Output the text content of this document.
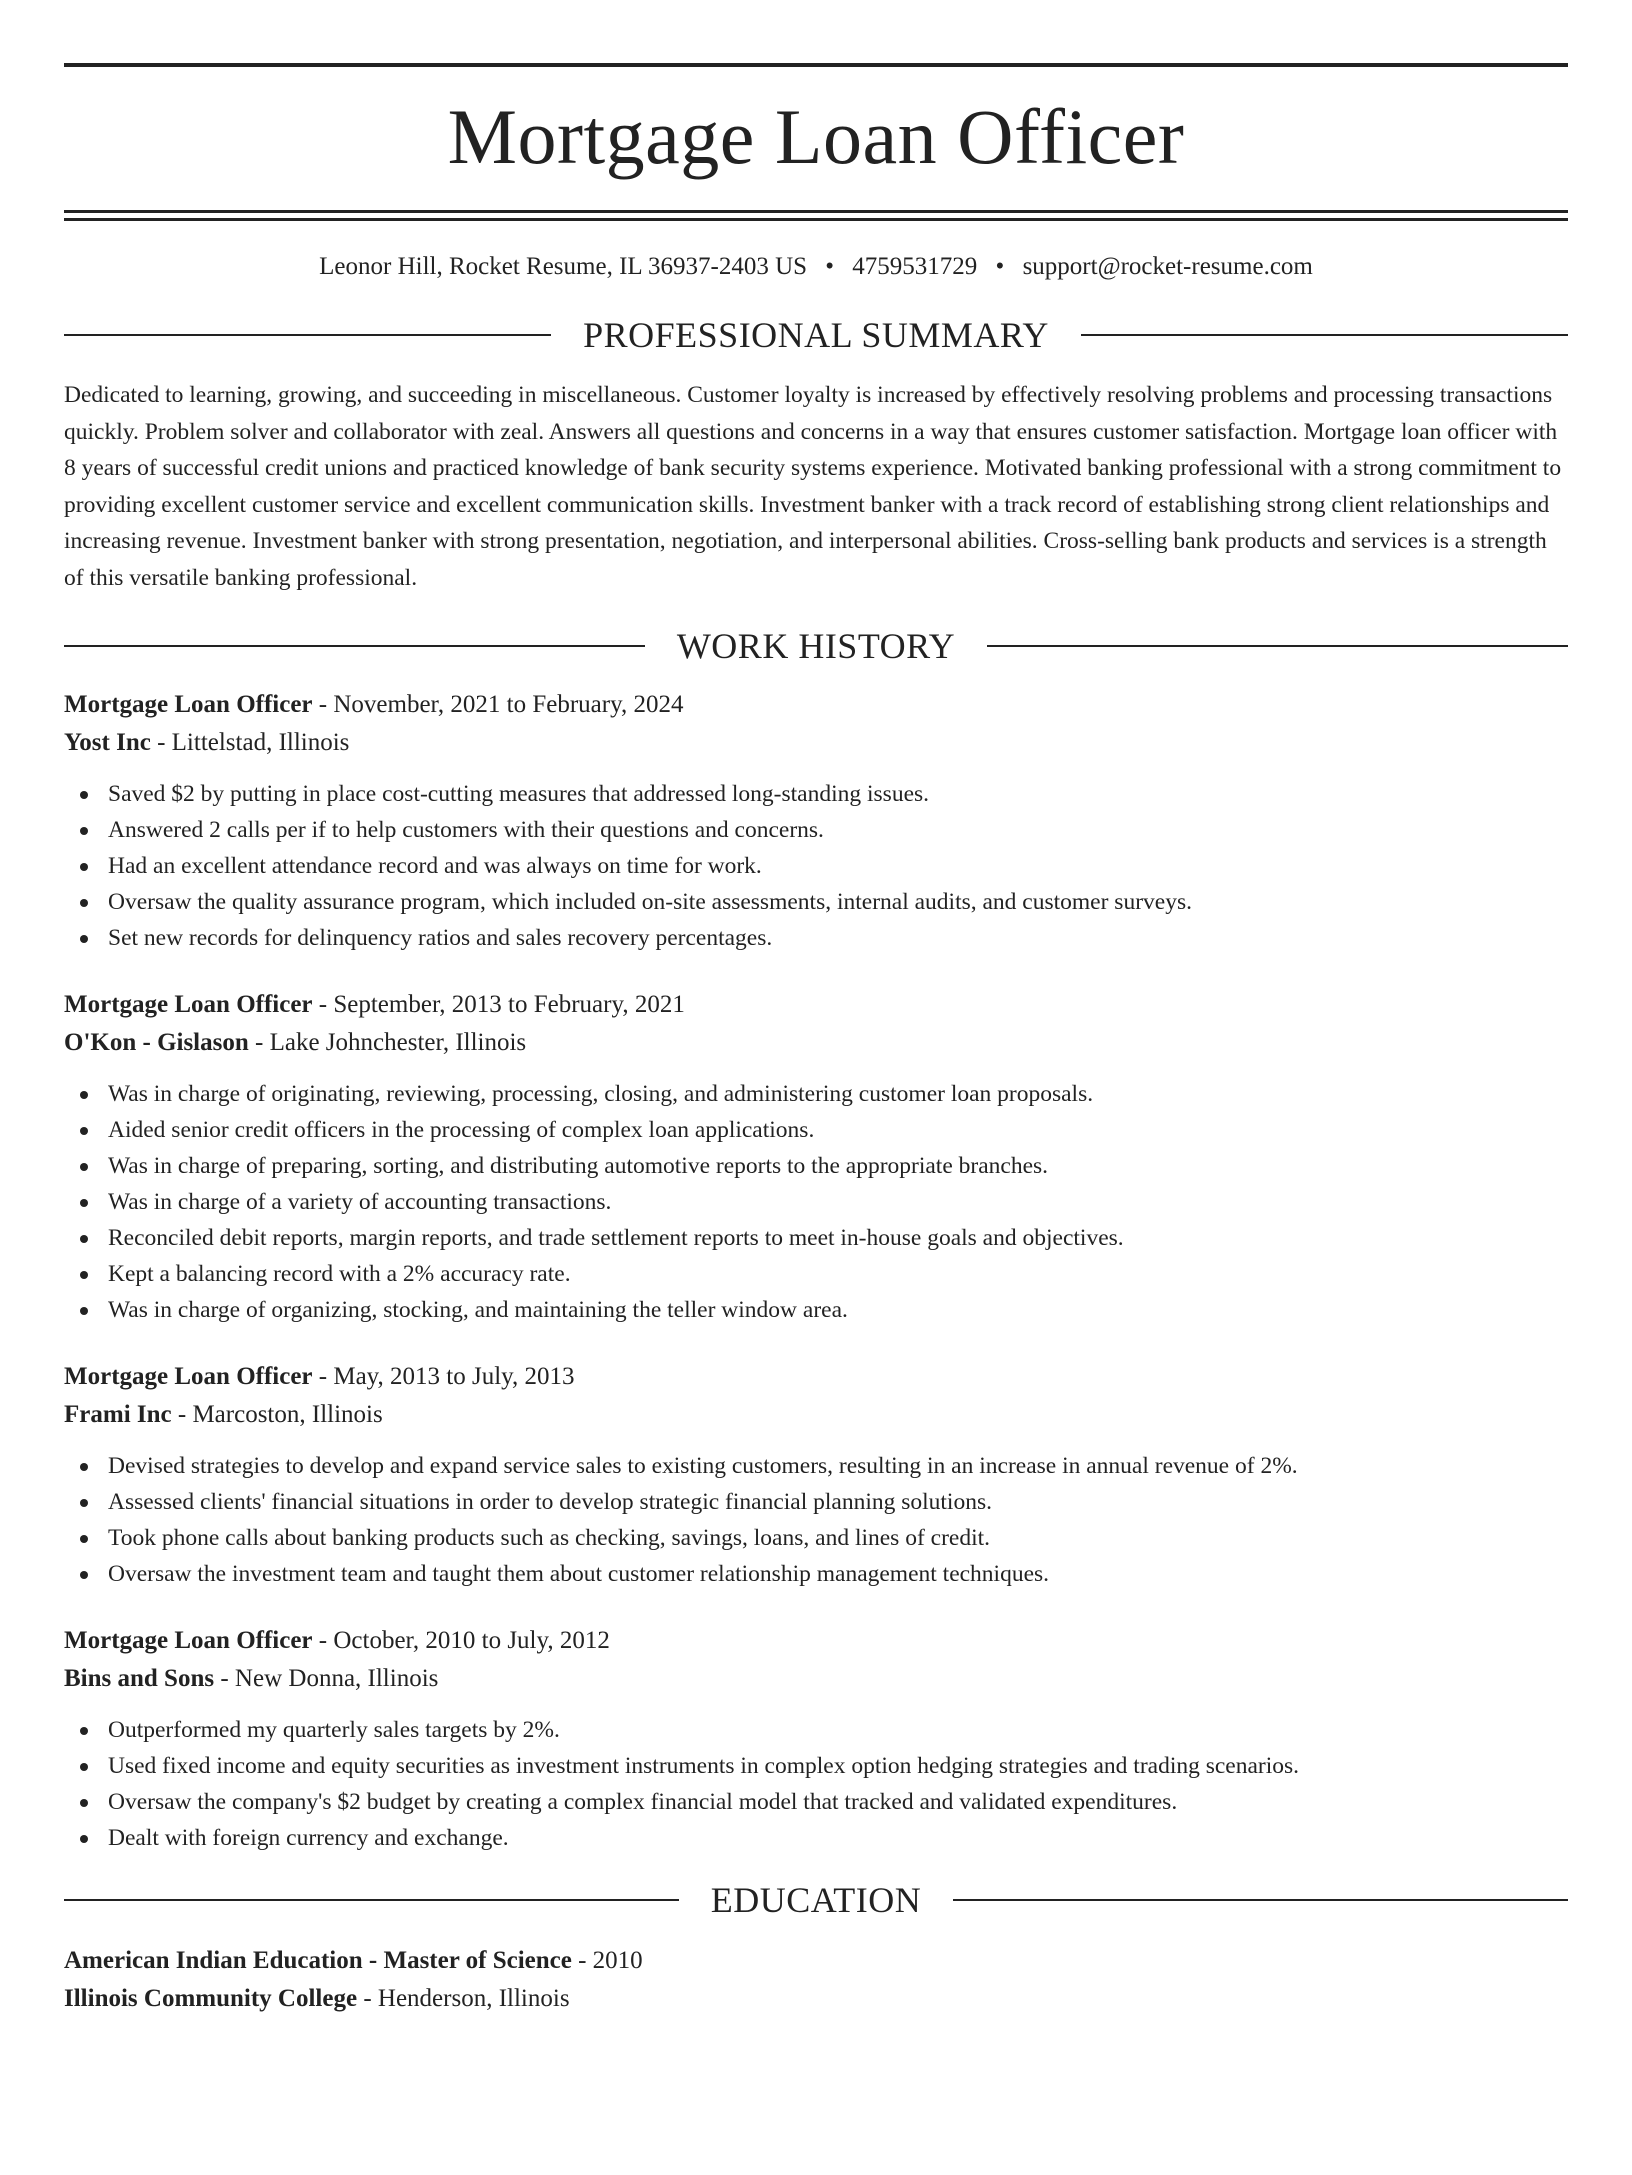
Mortgage Loan Officer
Leonor Hill, Rocket Resume, IL 36937-2403 US • 4759531729 • support@rocket-resume.com
PROFESSIONAL SUMMARY
Dedicated to learning, growing, and succeeding in miscellaneous. Customer loyalty is increased by effectively resolving problems and processing transactions quickly. Problem solver and collaborator with zeal. Answers all questions and concerns in a way that ensures customer satisfaction. Mortgage loan officer with 8 years of successful credit unions and practiced knowledge of bank security systems experience. Motivated banking professional with a strong commitment to providing excellent customer service and excellent communication skills. Investment banker with a track record of establishing strong client relationships and increasing revenue. Investment banker with strong presentation, negotiation, and interpersonal abilities. Cross-selling bank products and services is a strength of this versatile banking professional.
WORK HISTORY
Mortgage Loan Officer - November, 2021 to February, 2024
Yost Inc - Littelstad, Illinois
Saved $2 by putting in place cost-cutting measures that addressed long-standing issues.
Answered 2 calls per if to help customers with their questions and concerns.
Had an excellent attendance record and was always on time for work.
Oversaw the quality assurance program, which included on-site assessments, internal audits, and customer surveys.
Set new records for delinquency ratios and sales recovery percentages.
Mortgage Loan Officer - September, 2013 to February, 2021
O'Kon - Gislason - Lake Johnchester, Illinois
Was in charge of originating, reviewing, processing, closing, and administering customer loan proposals.
Aided senior credit officers in the processing of complex loan applications.
Was in charge of preparing, sorting, and distributing automotive reports to the appropriate branches.
Was in charge of a variety of accounting transactions.
Reconciled debit reports, margin reports, and trade settlement reports to meet in-house goals and objectives.
Kept a balancing record with a 2% accuracy rate.
Was in charge of organizing, stocking, and maintaining the teller window area.
Mortgage Loan Officer - May, 2013 to July, 2013
Frami Inc - Marcoston, Illinois
Devised strategies to develop and expand service sales to existing customers, resulting in an increase in annual revenue of 2%.
Assessed clients' financial situations in order to develop strategic financial planning solutions.
Took phone calls about banking products such as checking, savings, loans, and lines of credit.
Oversaw the investment team and taught them about customer relationship management techniques.
Mortgage Loan Officer - October, 2010 to July, 2012
Bins and Sons - New Donna, Illinois
Outperformed my quarterly sales targets by 2%.
Used fixed income and equity securities as investment instruments in complex option hedging strategies and trading scenarios.
Oversaw the company's $2 budget by creating a complex financial model that tracked and validated expenditures.
Dealt with foreign currency and exchange.
EDUCATION
American Indian Education - Master of Science - 2010
Illinois Community College - Henderson, Illinois
